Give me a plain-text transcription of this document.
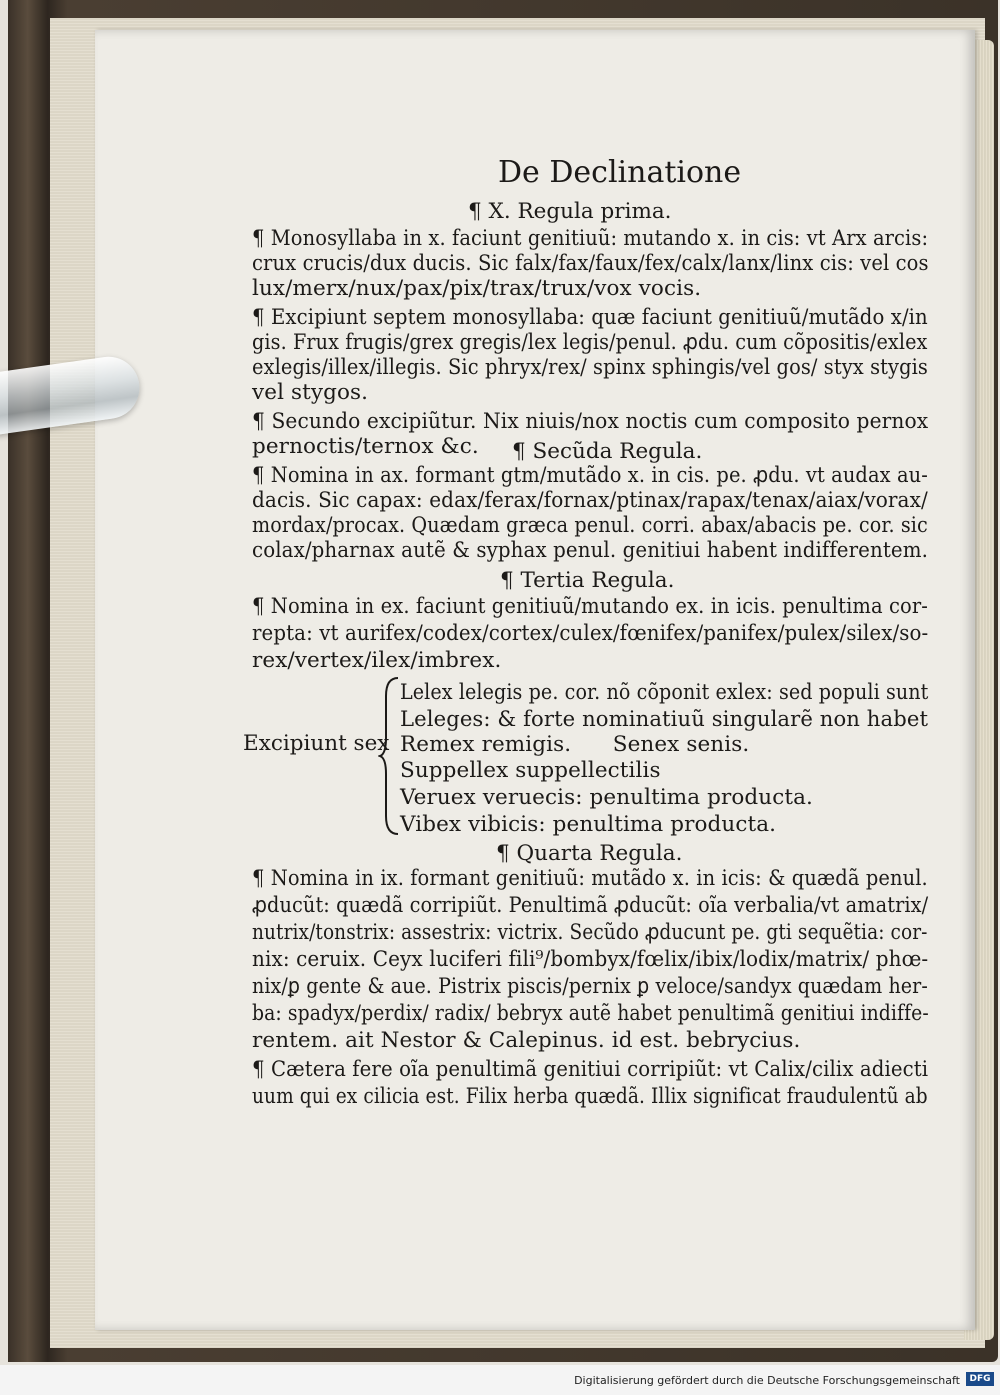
De Declinatione
¶ X. Regula prima.
¶ Monosyllaba in x. faciunt genitiuũ: mutando x. in cis: vt Arx arcis:
crux crucis/dux ducis. Sic falx/fax/faux/fex/calx/lanx/linx cis: vel cos
lux/merx/nux/pax/pix/trax/trux/vox vocis.
¶ Excipiunt septem monosyllaba: quæ faciunt genitiuũ/mutãdo x/in
gis. Frux frugis/grex gregis/lex legis/penul. ꝓdu. cum cõpositis/exlex
exlegis/illex/illegis. Sic phryx/rex/ spinx sphingis/vel gos/ styx stygis
vel stygos.
¶ Secundo excipiũtur. Nix niuis/nox noctis cum composito pernox
pernoctis/ternox &c. ¶ Secũda Regula.
¶ Nomina in ax. formant gtm/mutãdo x. in cis. pe. ꝓdu. vt audax au-
dacis. Sic capax: edax/ferax/fornax/ptinax/rapax/tenax/aiax/vorax/
mordax/procax. Quædam græca penul. corri. abax/abacis pe. cor. sic
colax/pharnax autẽ & syphax penul. genitiui habent indifferentem.
¶ Tertia Regula.
¶ Nomina in ex. faciunt genitiuũ/mutando ex. in icis. penultima cor-
repta: vt aurifex/codex/cortex/culex/fœnifex/panifex/pulex/silex/so-
rex/vertex/ilex/imbrex.
Excipiunt sex
Lelex lelegis pe. cor. nõ cõponit exlex: sed populi sunt
Leleges: & forte nominatiuũ singularẽ non habet
Remex remigis.      Senex senis.
Suppellex suppellectilis
Veruex veruecis: penultima producta.
Vibex vibicis: penultima producta.
¶ Quarta Regula.
¶ Nomina in ix. formant genitiuũ: mutãdo x. in icis: & quædã penul.
ꝓducũt: quædã corripiũt. Penultimã ꝓducũt: oĩa verbalia/vt amatrix/
nutrix/tonstrix: assestrix: victrix. Secũdo ꝓducunt pe. gti sequẽtia: cor-
nix: ceruix. Ceyx luciferi fili⁹/bombyx/fœlix/ibix/lodix/matrix/ phœ-
nix/ꝑ gente & aue. Pistrix piscis/pernix ꝑ veloce/sandyx quædam her-
ba: spadyx/perdix/ radix/ bebryx autẽ habet penultimã genitiui indiffe-
rentem. ait Nestor & Calepinus. id est. bebrycius.
¶ Cætera fere oĩa penultimã genitiui corripiũt: vt Calix/cilix adiecti
uum qui ex cilicia est. Filix herba quædã. Illix significat fraudulentũ ab
Digitalisierung gefördert durch die Deutsche Forschungsgemeinschaft	DFG
